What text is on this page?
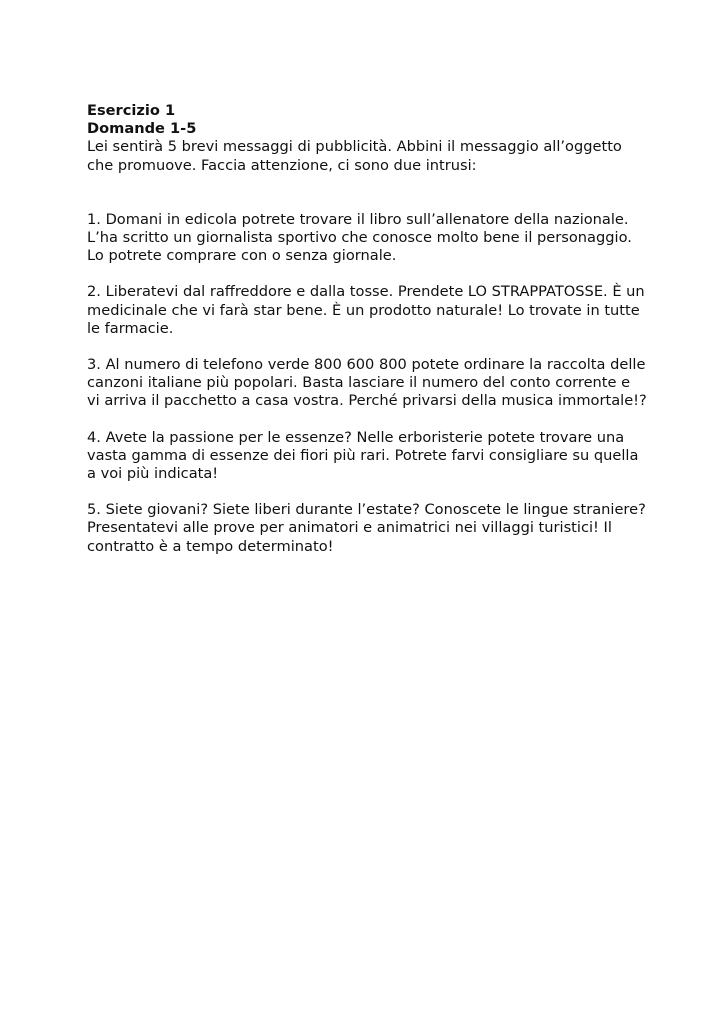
Esercizio 1

Domande 1-5

Lei sentirà 5 brevi messaggi di pubblicità. Abbini il messaggio all’oggetto che promuove. Faccia attenzione, ci sono due intrusi:

1. Domani in edicola potrete trovare il libro sull’allenatore della nazionale. L’ha scritto un giornalista sportivo che conosce molto bene il personaggio. Lo potrete comprare con o senza giornale.

2. Liberatevi dal raffreddore e dalla tosse. Prendete LO STRAPPATOSSE. È un medicinale che vi farà star bene. È un prodotto naturale! Lo trovate in tutte le farmacie.

3. Al numero di telefono verde 800 600 800 potete ordinare la raccolta delle canzoni italiane più popolari. Basta lasciare il numero del conto corrente e vi arriva il pacchetto a casa vostra. Perché privarsi della musica immortale!?

4. Avete la passione per le essenze? Nelle erboristerie potete trovare una vasta gamma di essenze dei fiori più rari. Potrete farvi consigliare su quella a voi più indicata!

5. Siete giovani? Siete liberi durante l’estate? Conoscete le lingue straniere? Presentatevi alle prove per animatori e animatrici nei villaggi turistici! Il contratto è a tempo determinato!
